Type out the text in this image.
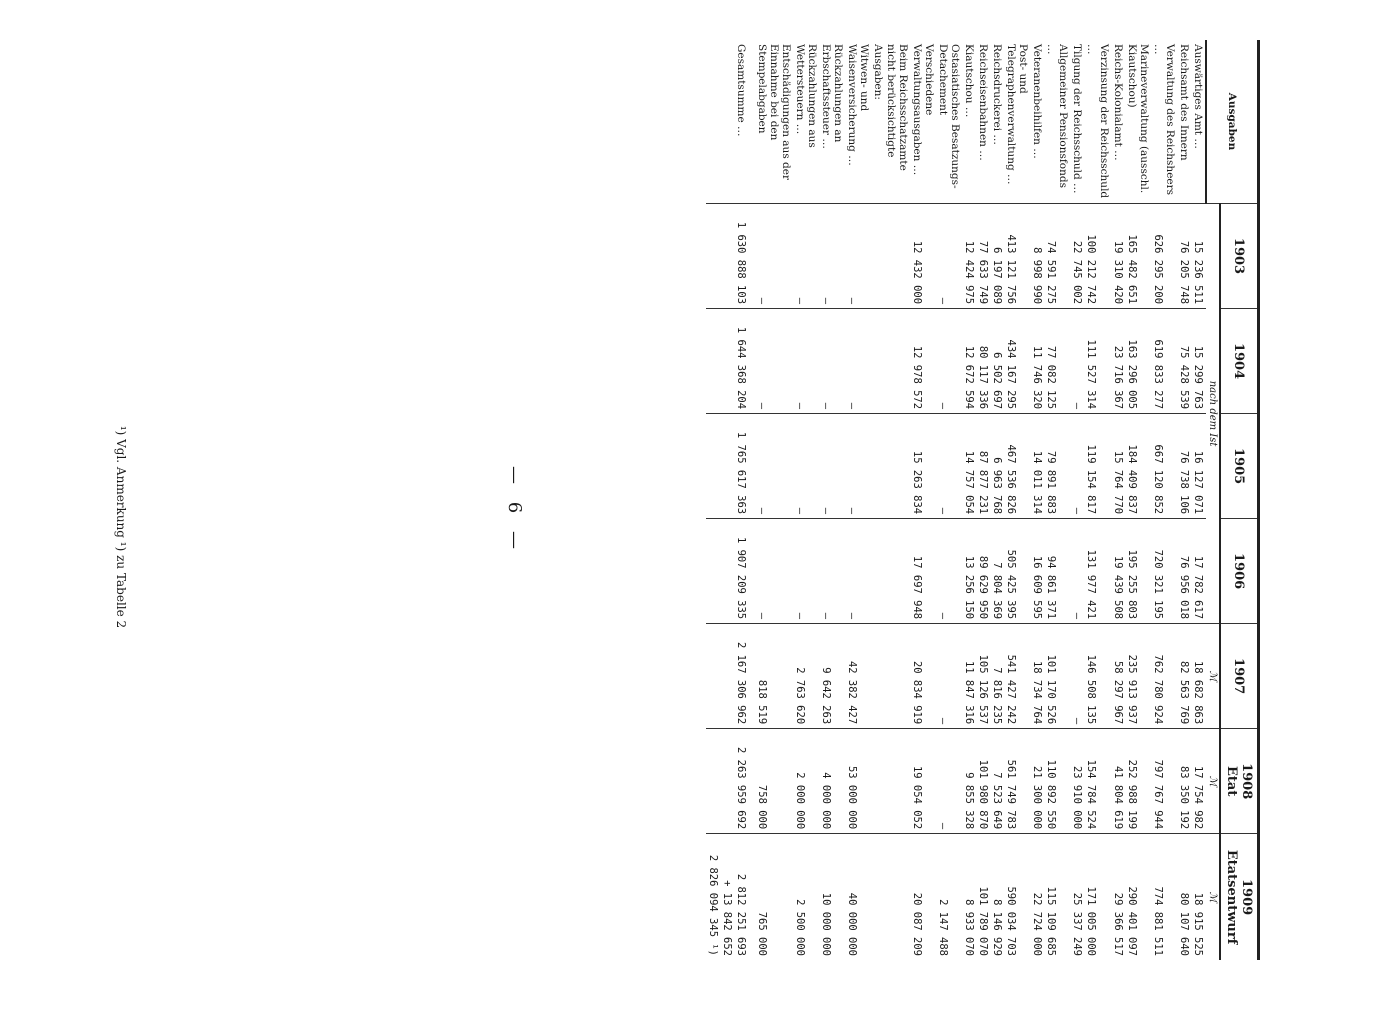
¹) Vgl. Anmerkung ¹) zu Tabelle 2
Ausgaben	1903	1904	1905	1906	1907	1908
Etat	1909
Etatsentwurf
	nach dem Ist				ℳ	ℳ	ℳ
Auswärtiges Amt …	15 236 511	15 299 763	16 127 071	17 782 617	18 682 863	17 754 982	18 915 525
Reichsamt des Innern	76 205 748	75 428 539	76 738 106	76 956 018	82 563 769	83 350 192	80 107 640
Verwaltung des Reichsheers …	626 295 200	619 833 277	667 120 852	720 321 195	762 780 924	797 767 944	774 881 511
Marineverwaltung (ausschl. Kiautschou)	165 482 651	163 296 005	184 409 837	195 255 803	235 913 937	252 988 199	290 401 097
Reichs-Kolonialamt …	19 310 420	23 716 367	15 764 770	19 439 508	58 297 967	41 804 619	29 366 517
Verzinsung der Reichsschuld …	100 212 742	111 527 314	119 154 817	131 977 421	146 508 135	154 784 524	171 005 000
Tilgung der Reichsschuld …	22 745 002	—	—	—	—	23 910 000	25 337 249
Allgemeiner Pensionsfonds …	74 591 275	77 082 125	79 891 883	94 861 371	101 170 526	110 892 550	115 109 685
Veteranenbeihilfen …	8 998 990	11 746 320	14 011 314	16 609 595	18 734 764	21 300 000	22 724 000
Post- und Telegraphenverwaltung …	413 121 756	434 167 295	467 536 826	505 425 395	541 427 242	561 749 783	590 034 703
Reichsdruckerei …	6 197 089	6 502 697	6 963 768	7 804 369	7 816 235	7 523 649	8 146 929
Reichseisenbahnen …	77 633 749	80 117 336	87 877 231	89 629 950	105 126 537	101 980 870	101 789 070
Kiautschou …	12 424 975	12 672 594	14 757 054	13 256 150	11 847 316	9 855 328	8 933 070
Ostasiatisches Besatzungs-Detachement	—	—	—	—	—	—	2 147 488
Verschiedene Verwaltungsausgaben …	12 432 000	12 978 572	15 263 834	17 697 948	20 834 919	19 054 052	20 087 209
Beim Reichsschatzamte nicht berücksichtigte Ausgaben:							
Witwen- und Waisenversicherung …	—	—	—	—	42 382 427	53 000 000	40 000 000
Rückzahlungen an Erbschaftssteuer …	—	—	—	—	9 642 263	4 000 000	10 000 000
Rückzahlungen aus Wettersteuern …	—	—	—	—	2 763 620	2 000 000	2 500 000
Entschädigungen aus der Einnahme bei den Stempelabgaben	—	—	—	—	818 519	758 000	765 000
Gesamtsumme …	1 630 888 103	1 644 368 204	1 765 617 363	1 907 209 335	2 167 306 962	2 263 959 692	2 812 251 693
							+ 13 842 652
							2 826 094 345 ¹)
— 6 —
